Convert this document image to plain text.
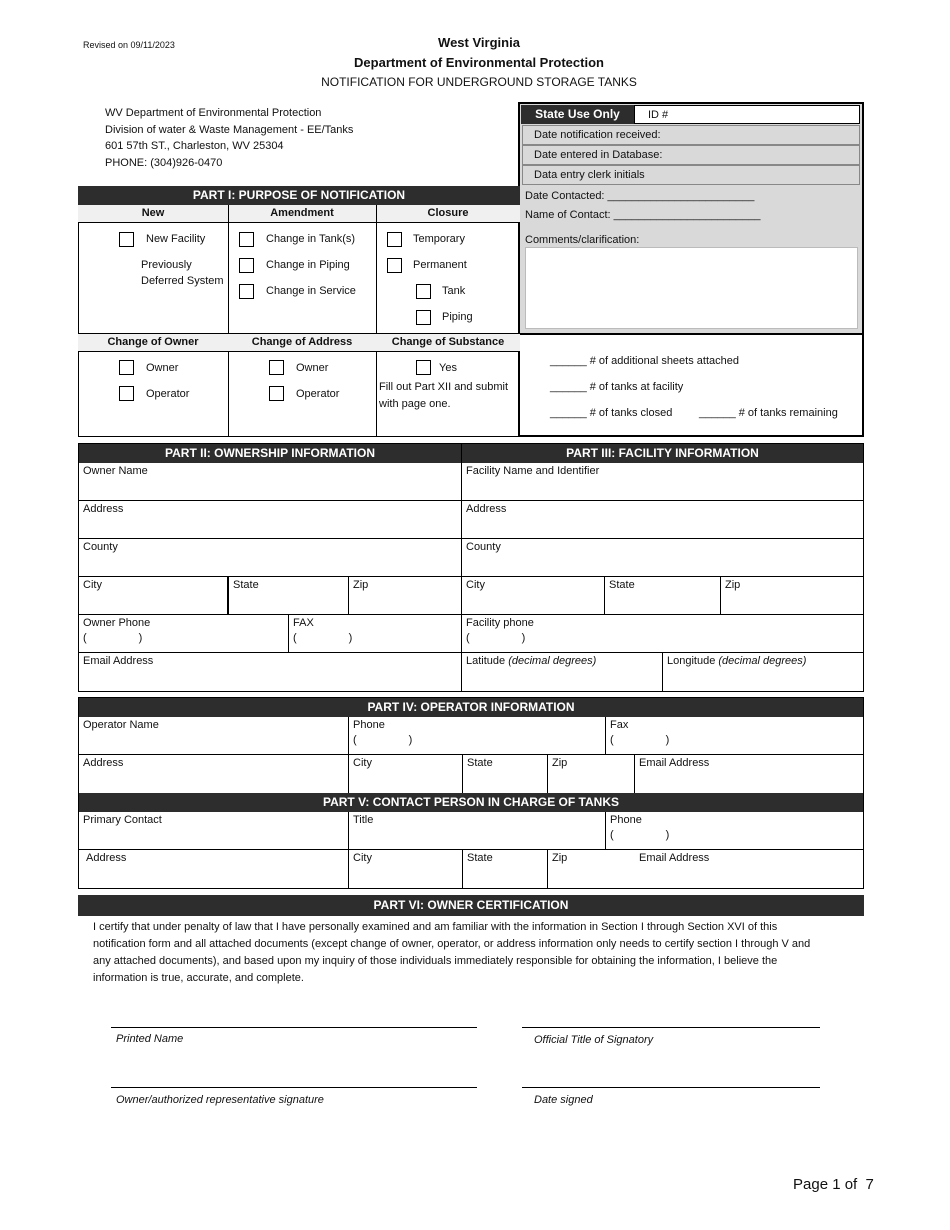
Revised on 09/11/2023	West Virginia
Department of Environmental Protection
NOTIFICATION FOR UNDERGROUND STORAGE TANKS
WV Department of Environmental Protection
Division of water & Waste Management - EE/Tanks
601 57th ST., Charleston, WV 25304
PHONE: (304)926-0470
State Use Only	ID #
Date notification received:
Date entered in Database:
Data entry clerk initials
Date Contacted: ________________________
Name of Contact: ________________________
Comments/clarification:
PART I: PURPOSE OF NOTIFICATION
New	Amendment	Closure
New Facility
Previously
Deferred System
Change in Tank(s)
Change in Piping
Change in Service
Temporary
Permanent
Tank
Piping
Change of Owner	Change of Address	Change of Substance
Owner
Operator
Owner
Operator
Yes
Fill out Part XII and submit
with page one.
______ # of additional sheets attached
______ # of tanks at facility
______ # of tanks closed ______ # of tanks remaining
PART II: OWNERSHIP INFORMATION	PART III: FACILITY INFORMATION
Owner Name
Address
County
City	State	Zip
Owner Phone
(                 )
FAX
(                 )
Email Address
Facility Name and Identifier
Address
County
City	State	Zip
Facility phone
(                 )
Latitude (decimal degrees)	Longitude (decimal degrees)
PART IV: OPERATOR INFORMATION
Operator Name	Phone
(                 )
Fax
(                 )
Address	City	State	Zip	Email Address
PART V: CONTACT PERSON IN CHARGE OF TANKS
Primary Contact	Title	Phone
(                 )
Address	City	State	Zip	Email Address
PART VI: OWNER CERTIFICATION
I certify that under penalty of law that I have personally examined and am familiar with the information in Section I through Section XVI of this
notification form and all attached documents (except change of owner, operator, or address information only needs to certify section I through V and
any attached documents), and based upon my inquiry of those individuals immediately responsible for obtaining the information, I believe the
information is true, accurate, and complete.
Printed Name	Official Title of Signatory
Owner/authorized representative signature	Date signed
Page 1 of  7
